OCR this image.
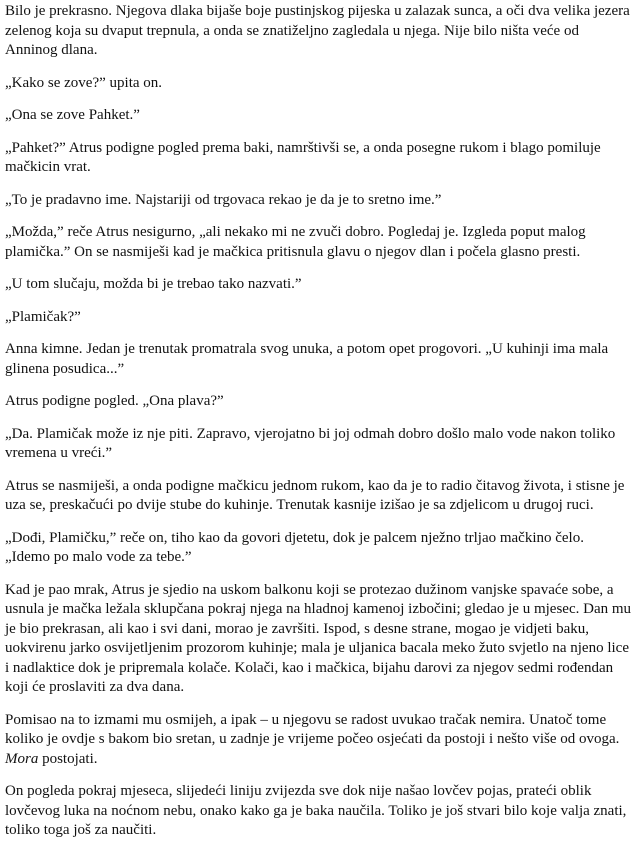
Bilo je prekrasno. Njegova dlaka bijaše boje pustinjskog pijeska u zalazak sunca, a oči dva velika jezera zelenog koja su dvaput trepnula, a onda se znatiželjno zagledala u njega. Nije bilo ništa veće od Anninog dlana.

„Kako se zove?” upita on.

„Ona se zove Pahket.”

„Pahket?” Atrus podigne pogled prema baki, namrštivši se, a onda posegne rukom i blago pomiluje mačkicin vrat.

„To je pradavno ime. Najstariji od trgovaca rekao je da je to sretno ime.”

„Možda,” reče Atrus nesigurno, „ali nekako mi ne zvuči dobro. Pogledaj je. Izgleda poput malog plamička.” On se nasmiješi kad je mačkica pritisnula glavu o njegov dlan i počela glasno presti.

„U tom slučaju, možda bi je trebao tako nazvati.”

„Plamičak?”

Anna kimne. Jedan je trenutak promatrala svog unuka, a potom opet progovori. „U kuhinji ima mala glinena posudica...”

Atrus podigne pogled. „Ona plava?”

„Da. Plamičak može iz nje piti. Zapravo, vjerojatno bi joj odmah dobro došlo malo vode nakon toliko vremena u vreći.”

Atrus se nasmiješi, a onda podigne mačkicu jednom rukom, kao da je to radio čitavog života, i stisne je uza se, preskačući po dvije stube do kuhinje. Trenutak kasnije izišao je sa zdjelicom u drugoj ruci.

„Dođi, Plamičku,” reče on, tiho kao da govori djetetu, dok je palcem nježno trljao mačkino čelo. „Idemo po malo vode za tebe.”

Kad je pao mrak, Atrus je sjedio na uskom balkonu koji se protezao dužinom vanjske spavaće sobe, a usnula je mačka ležala sklupčana pokraj njega na hladnoj kamenoj izbočini; gledao je u mjesec. Dan mu je bio prekrasan, ali kao i svi dani, morao je završiti. Ispod, s desne strane, mogao je vidjeti baku, uokvirenu jarko osvijetljenim prozorom kuhinje; mala je uljanica bacala meko žuto svjetlo na njeno lice i nadlaktice dok je pripremala kolače. Kolači, kao i mačkica, bijahu darovi za njegov sedmi rođendan koji će proslaviti za dva dana.

Pomisao na to izmami mu osmijeh, a ipak – u njegovu se radost uvukao tračak nemira. Unatoč tome koliko je ovdje s bakom bio sretan, u zadnje je vrijeme počeo osjećati da postoji i nešto više od ovoga. Mora postojati.

On pogleda pokraj mjeseca, slijedeći liniju zvijezda sve dok nije našao lovčev pojas, prateći oblik lovčevog luka na noćnom nebu, onako kako ga je baka naučila. Toliko je još stvari bilo koje valja znati, toliko toga još za naučiti.
